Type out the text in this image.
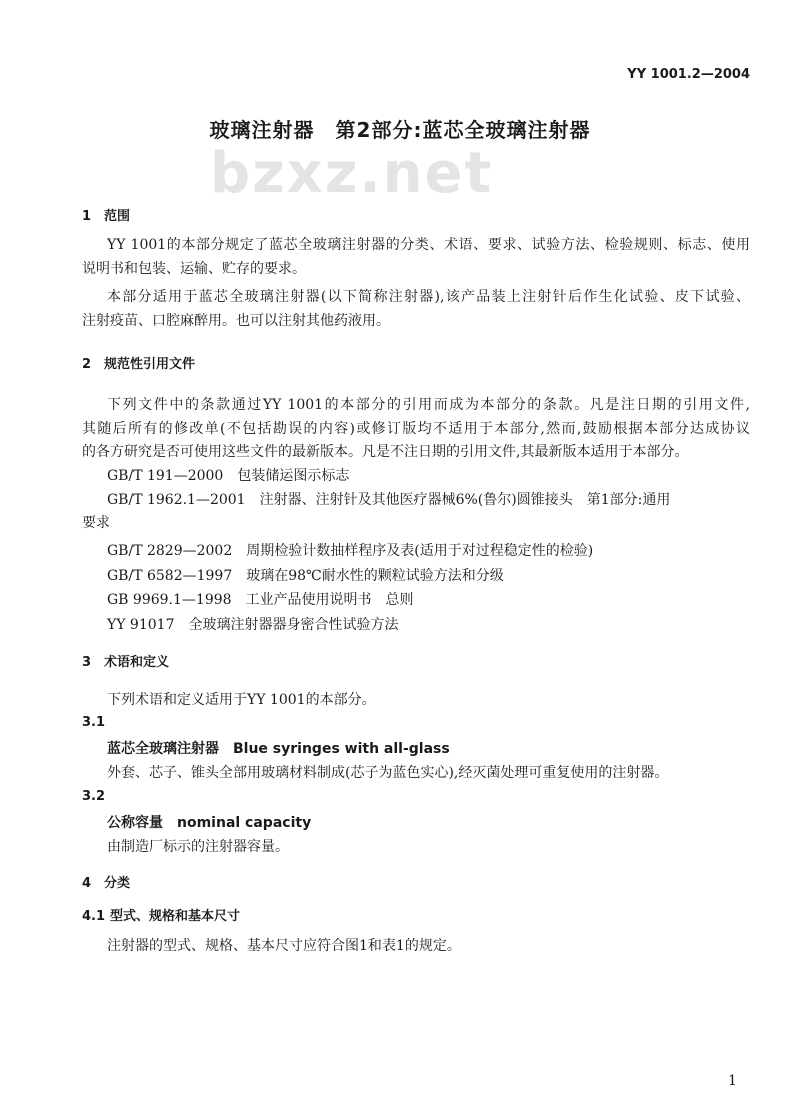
bzxz.net
YY 1001.2—2004
玻璃注射器　第2部分:蓝芯全玻璃注射器
1 范围
YY 1001的本部分规定了蓝芯全玻璃注射器的分类、术语、要求、试验方法、检验规则、标志、使用
说明书和包装、运输、贮存的要求。
本部分适用于蓝芯全玻璃注射器(以下简称注射器),该产品装上注射针后作生化试验、皮下试验、
注射疫苗、口腔麻醉用。也可以注射其他药液用。
2 规范性引用文件
下列文件中的条款通过YY 1001的本部分的引用而成为本部分的条款。凡是注日期的引用文件,
其随后所有的修改单(不包括勘误的内容)或修订版均不适用于本部分,然而,鼓励根据本部分达成协议
的各方研究是否可使用这些文件的最新版本。凡是不注日期的引用文件,其最新版本适用于本部分。
GB/T 191—2000　 包装储运图示标志
GB/T 1962.1—2001　 注射器、注射针及其他医疗器械6%(鲁尔)圆锥接头　第1部分:通用
要求
GB/T 2829—2002　 周期检验计数抽样程序及表(适用于对过程稳定性的检验)
GB/T 6582—1997　 玻璃在98℃耐水性的颗粒试验方法和分级
GB 9969.1—1998　 工业产品使用说明书　总则
YY 91017　 全玻璃注射器器身密合性试验方法
3 术语和定义
下列术语和定义适用于YY 1001的本部分。
3.1
蓝芯全玻璃注射器　 Blue syringes with all-glass
外套、芯子、锥头全部用玻璃材料制成(芯子为蓝色实心),经灭菌处理可重复使用的注射器。
3.2
公称容量　 nominal capacity
由制造厂标示的注射器容量。
4 分类
4.1 型式、规格和基本尺寸
注射器的型式、规格、基本尺寸应符合图1和表1的规定。
1
